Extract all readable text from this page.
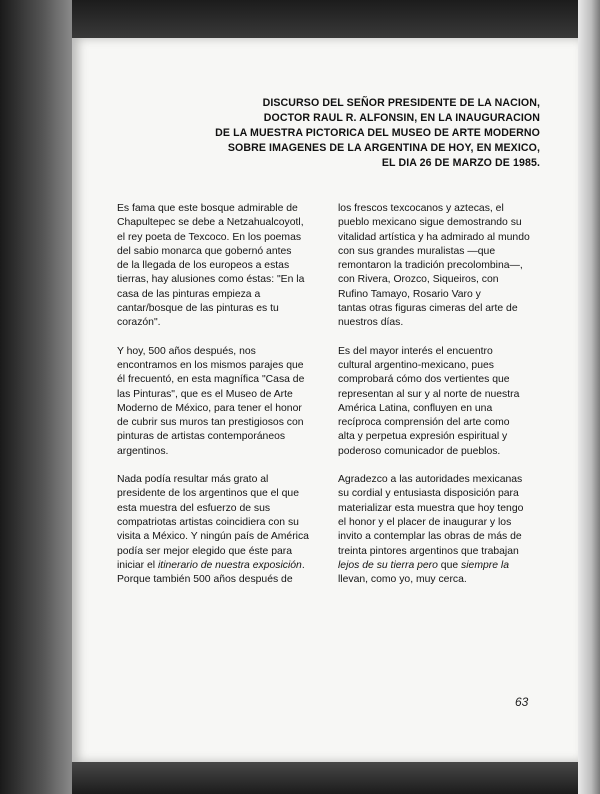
DISCURSO DEL SEÑOR PRESIDENTE DE LA NACION,
DOCTOR RAUL R. ALFONSIN, EN LA INAUGURACION
DE LA MUESTRA PICTORICA DEL MUSEO DE ARTE MODERNO
SOBRE IMAGENES DE LA ARGENTINA DE HOY, EN MEXICO,
EL DIA 26 DE MARZO DE 1985.
Es fama que este bosque admirable de
Chapultepec se debe a Netzahualcoyotl,
el rey poeta de Texcoco. En los poemas
del sabio monarca que gobernó antes
de la llegada de los europeos a estas
tierras, hay alusiones como éstas: "En la
casa de las pinturas empieza a
cantar/bosque de las pinturas es tu
corazón".
Y hoy, 500 años después, nos
encontramos en los mismos parajes que
él frecuentó, en esta magnífica "Casa de
las Pinturas", que es el Museo de Arte
Moderno de México, para tener el honor
de cubrir sus muros tan prestigiosos con
pinturas de artistas contemporáneos
argentinos.
Nada podía resultar más grato al
presidente de los argentinos que el que
esta muestra del esfuerzo de sus
compatriotas artistas coincidiera con su
visita a México. Y ningún país de América
podía ser mejor elegido que éste para
iniciar el itinerario de nuestra exposición.
Porque también 500 años después de
los frescos texcocanos y aztecas, el
pueblo mexicano sigue demostrando su
vitalidad artística y ha admirado al mundo
con sus grandes muralistas —que
remontaron la tradición precolombina—,
con Rivera, Orozco, Siqueiros, con
Rufino Tamayo, Rosario Varo y
tantas otras figuras cimeras del arte de
nuestros días.
Es del mayor interés el encuentro
cultural argentino-mexicano, pues
comprobará cómo dos vertientes que
representan al sur y al norte de nuestra
América Latina, confluyen en una
recíproca comprensión del arte como
alta y perpetua expresión espiritual y
poderoso comunicador de pueblos.
Agradezco a las autoridades mexicanas
su cordial y entusiasta disposición para
materializar esta muestra que hoy tengo
el honor y el placer de inaugurar y los
invito a contemplar las obras de más de
treinta pintores argentinos que trabajan
lejos de su tierra pero que siempre la
llevan, como yo, muy cerca.
63
